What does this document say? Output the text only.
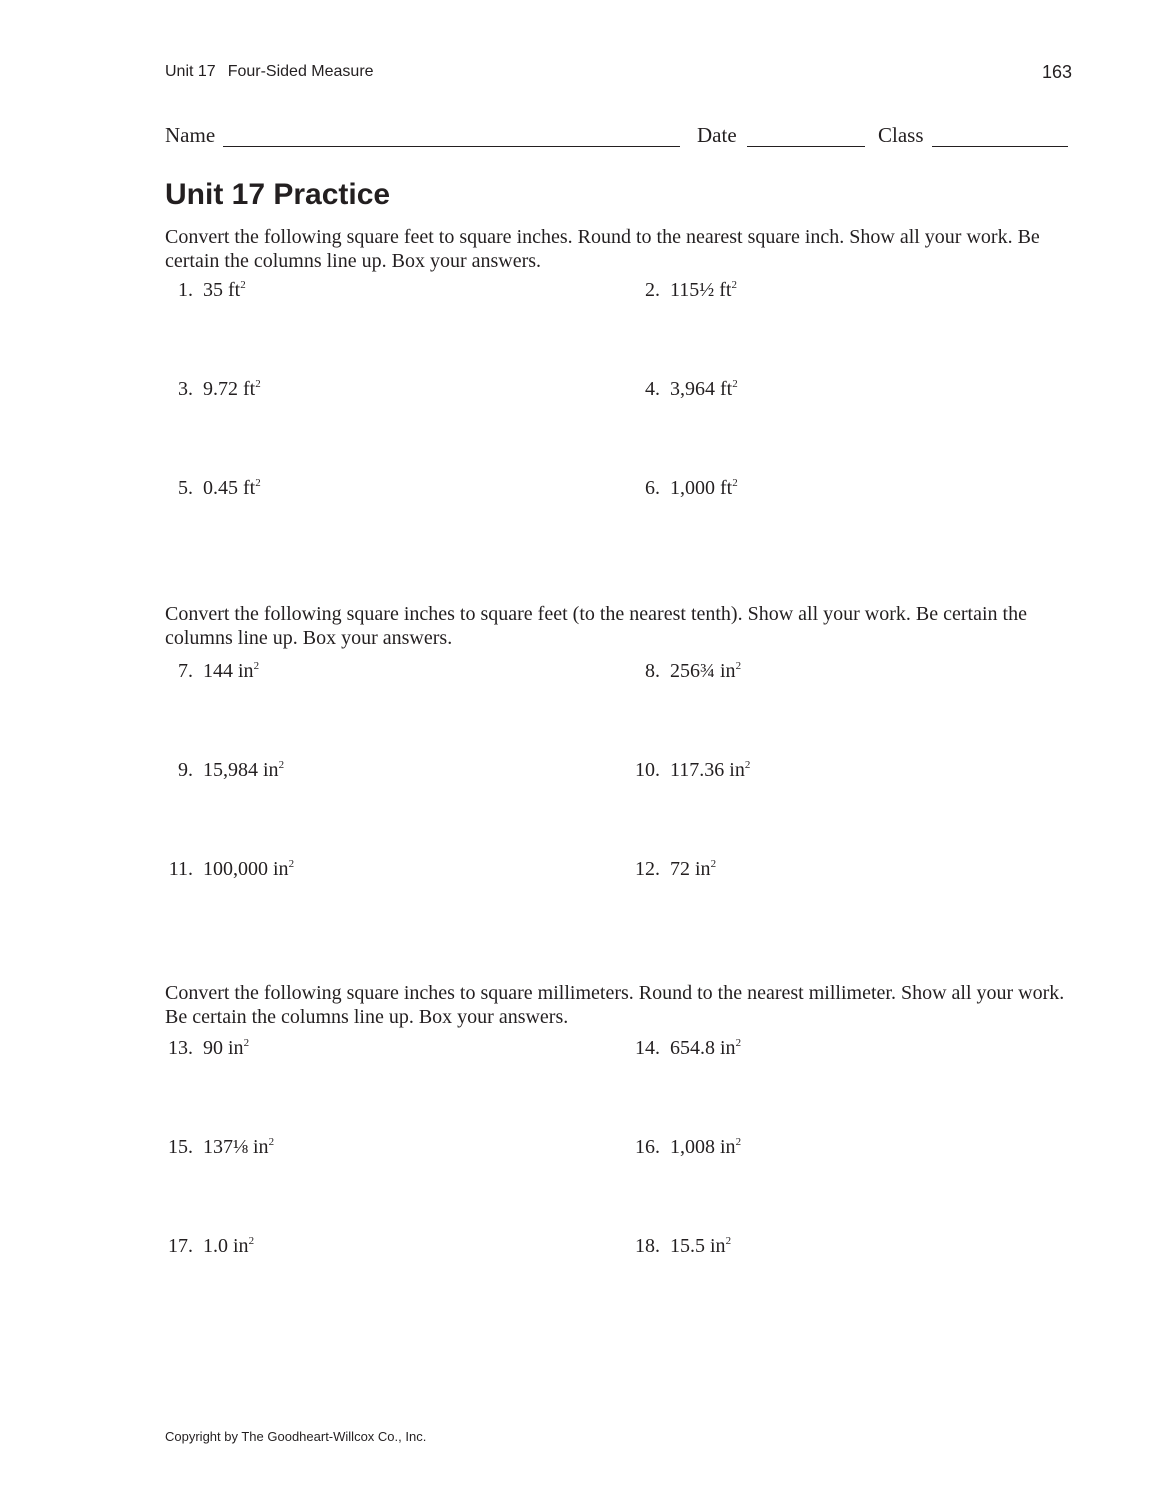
Unit 17 Four-Sided Measure	163
Name	Date	Class
Unit 17 Practice

Convert the following square feet to square inches. Round to the nearest square inch. Show all your work. Be certain the columns line up. Box your answers.

1. 35 $ft^2$	2. 115½ $ft^2$
3. 9.72 $ft^2$	4. 3,964 $ft^2$
5. 0.45 $ft^2$	6. 1,000 $ft^2$

Convert the following square inches to square feet (to the nearest tenth). Show all your work. Be certain the columns line up. Box your answers.

7. 144 $in^2$	8. 256¾ $in^2$
9. 15,984 $in^2$	10. 117.36 $in^2$
11. 100,000 $in^2$	12. 72 $in^2$

Convert the following square inches to square millimeters. Round to the nearest millimeter. Show all your work. Be certain the columns line up. Box your answers.

13. 90 $in^2$	14. 654.8 $in^2$
15. 137⅛ $in^2$	16. 1,008 $in^2$
17. 1.0 $in^2$	18. 15.5 $in^2$
Copyright by The Goodheart-Willcox Co., Inc.
